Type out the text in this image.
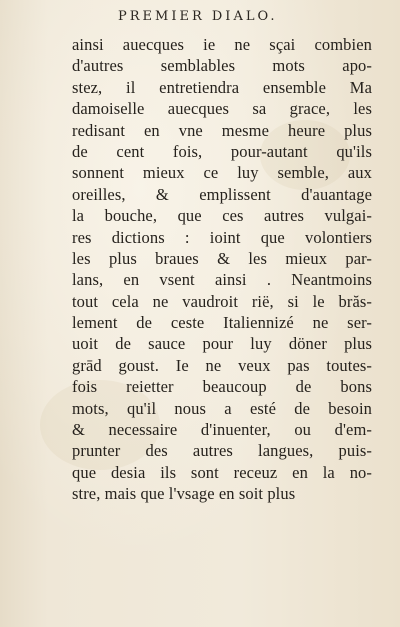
PREMIER DIALO.
ainsi auecques ie ne sçai combien
d'autres semblables mots apo-
stez, il entretiendra ensemble Ma
damoiselle auecques sa grace, les
redisant en vne mesme heure plus
de cent fois, pour-autant qu'ils
sonnent mieux ce luy semble, aux
oreilles, & emplissent d'auantage
la bouche, que ces autres vulgai-
res dictions : ioint que volontiers
les plus braues & les mieux par-
lans, en vsent ainsi . Neantmoins
tout cela ne vaudroit rië, si le brăs-
lement de ceste Italiennizé ne ser-
uoit de sauce pour luy döner plus
grād goust. Ie ne veux pas toutes-
fois reietter beaucoup de bons
mots, qu'il nous a esté de besoin
& necessaire d'inuenter, ou d'em-
prunter des autres langues, puis-
que desia ils sont receuz en la no-
stre, mais que l'vsage en soit plus
